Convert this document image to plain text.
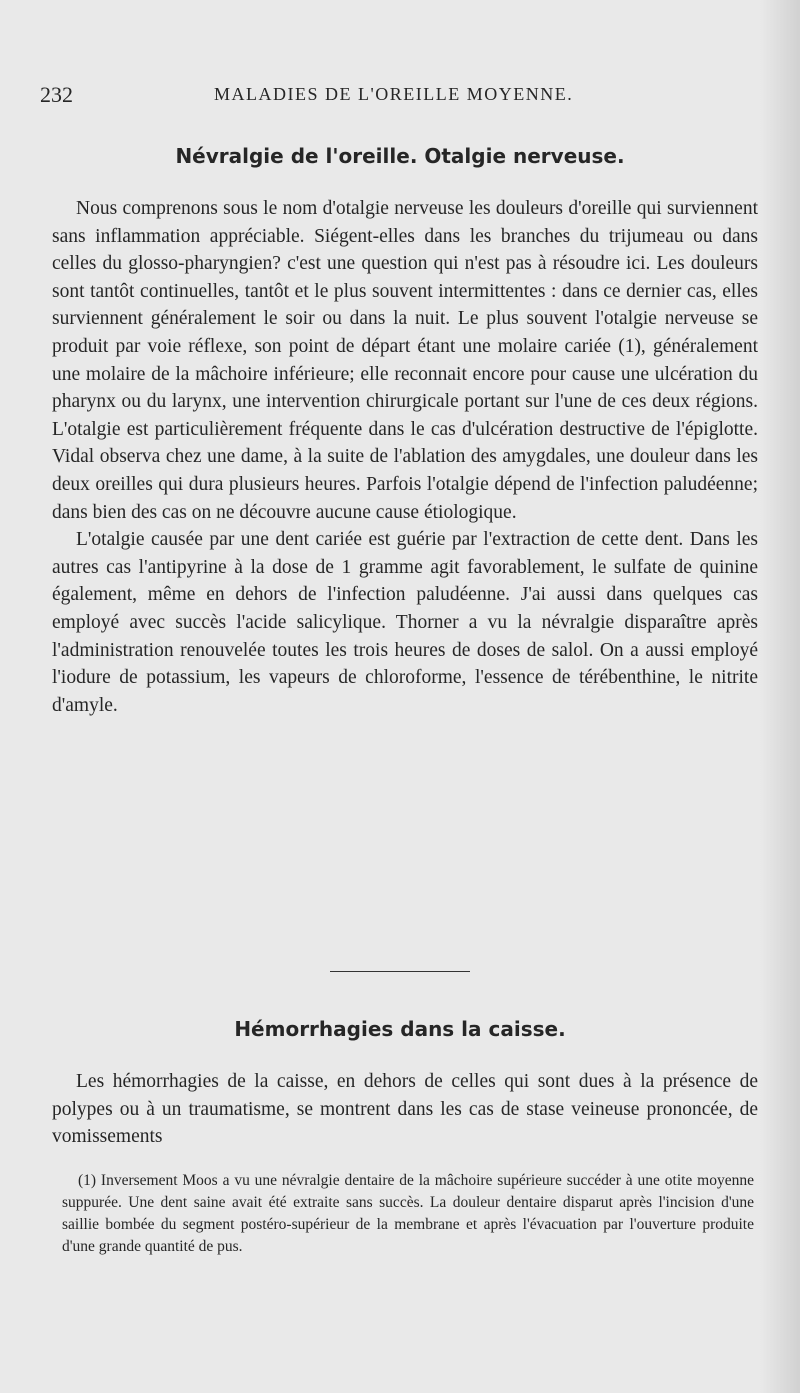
232	MALADIES DE L'OREILLE MOYENNE.
Névralgie de l'oreille. Otalgie nerveuse.

Nous comprenons sous le nom d'otalgie nerveuse les douleurs d'oreille qui surviennent sans inflammation appréciable. Siégent-elles dans les branches du trijumeau ou dans celles du glosso-pharyngien? c'est une question qui n'est pas à résoudre ici. Les douleurs sont tantôt continuelles, tantôt et le plus souvent intermittentes : dans ce dernier cas, elles surviennent généralement le soir ou dans la nuit. Le plus souvent l'otalgie nerveuse se produit par voie réflexe, son point de départ étant une molaire cariée (1), généralement une molaire de la mâchoire inférieure; elle reconnait encore pour cause une ulcération du pharynx ou du larynx, une intervention chirurgicale portant sur l'une de ces deux régions. L'otalgie est particulièrement fréquente dans le cas d'ulcération destructive de l'épiglotte. Vidal observa chez une dame, à la suite de l'ablation des amygdales, une douleur dans les deux oreilles qui dura plusieurs heures. Parfois l'otalgie dépend de l'infection paludéenne; dans bien des cas on ne découvre aucune cause étiologique.

L'otalgie causée par une dent cariée est guérie par l'extraction de cette dent. Dans les autres cas l'antipyrine à la dose de 1 gramme agit favorablement, le sulfate de quinine également, même en dehors de l'infection paludéenne. J'ai aussi dans quelques cas employé avec succès l'acide salicylique. Thorner a vu la névralgie disparaître après l'administration renouvelée toutes les trois heures de doses de salol. On a aussi employé l'iodure de potassium, les vapeurs de chloroforme, l'essence de térébenthine, le nitrite d'amyle.

Hémorrhagies dans la caisse.

Les hémorrhagies de la caisse, en dehors de celles qui sont dues à la présence de polypes ou à un traumatisme, se montrent dans les cas de stase veineuse prononcée, de vomissements

(1) Inversement Moos a vu une névralgie dentaire de la mâchoire supérieure succéder à une otite moyenne suppurée. Une dent saine avait été extraite sans succès. La douleur dentaire disparut après l'incision d'une saillie bombée du segment postéro-supérieur de la membrane et après l'évacuation par l'ouverture produite d'une grande quantité de pus.
